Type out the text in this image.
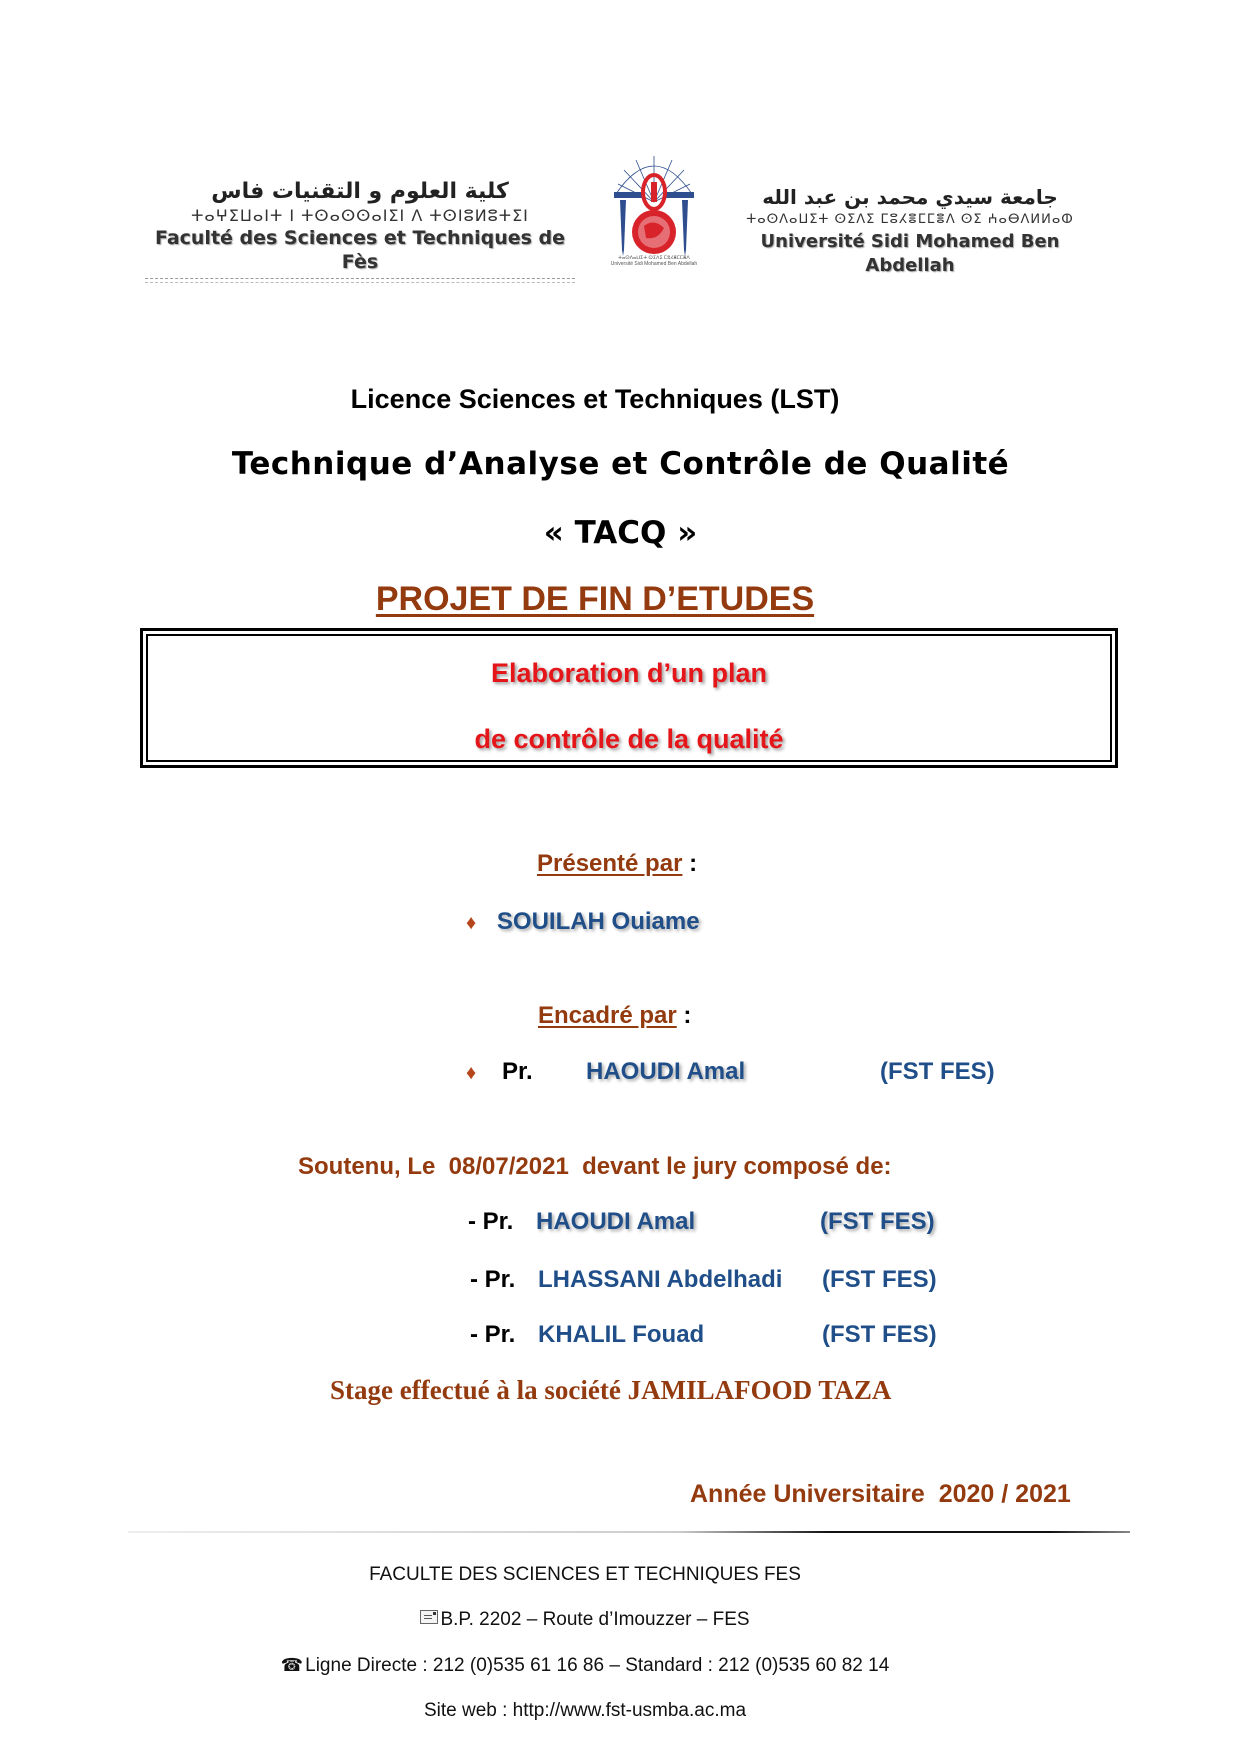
كلية العلوم و التقنيات فاس
ⵜⴰⵖⵉⵡⴰⵏⵜ ⵏ ⵜⵙⴰⵙⵙⴰⵏⵉⵏ ⴷ ⵜⵙⵏⵓⵍⵓⵜⵉⵏ
Faculté des Sciences et Techniques de Fès	ⵜⴰⵙⴷⴰⵡⵉⵜ ⵙⵉⴷⵉ ⵎⵓⵃⴻⵎⵎⴻⴷ
Université Sidi Mohamed Ben Abdellah
جامعة سيدي محمد بن عبد الله
ⵜⴰⵙⴷⴰⵡⵉⵜ ⵙⵉⴷⵉ ⵎⵓⵃⴻⵎⵎⴻⴷ ⵙⵉ ⵄⴰⴱⴷⵍⵍⴰⵀ
Université Sidi Mohamed Ben Abdellah
Licence Sciences et Techniques (LST)
Technique d’Analyse et Contrôle de Qualité
« TACQ »
PROJET DE FIN D’ETUDES
Elaboration d’un plan
de contrôle de la qualité
Présenté par :
♦ SOUILAH Ouiame
Encadré par :
♦ Pr. HAOUDI Amal	(FST FES)
Soutenu, Le  08/07/2021  devant le jury composé de:
- Pr. HAOUDI Amal	(FST FES)
- Pr. LHASSANI Abdelhadi (FST FES)
- Pr. KHALIL Fouad	(FST FES)
Stage effectué à la société JAMILAFOOD TAZA
Année Universitaire  2020 / 2021
FACULTE DES SCIENCES ET TECHNIQUES FES
B.P. 2202 – Route d’Imouzzer – FES
☎ Ligne Directe : 212 (0)535 61 16 86 – Standard : 212 (0)535 60 82 14
Site web : http://www.fst-usmba.ac.ma
